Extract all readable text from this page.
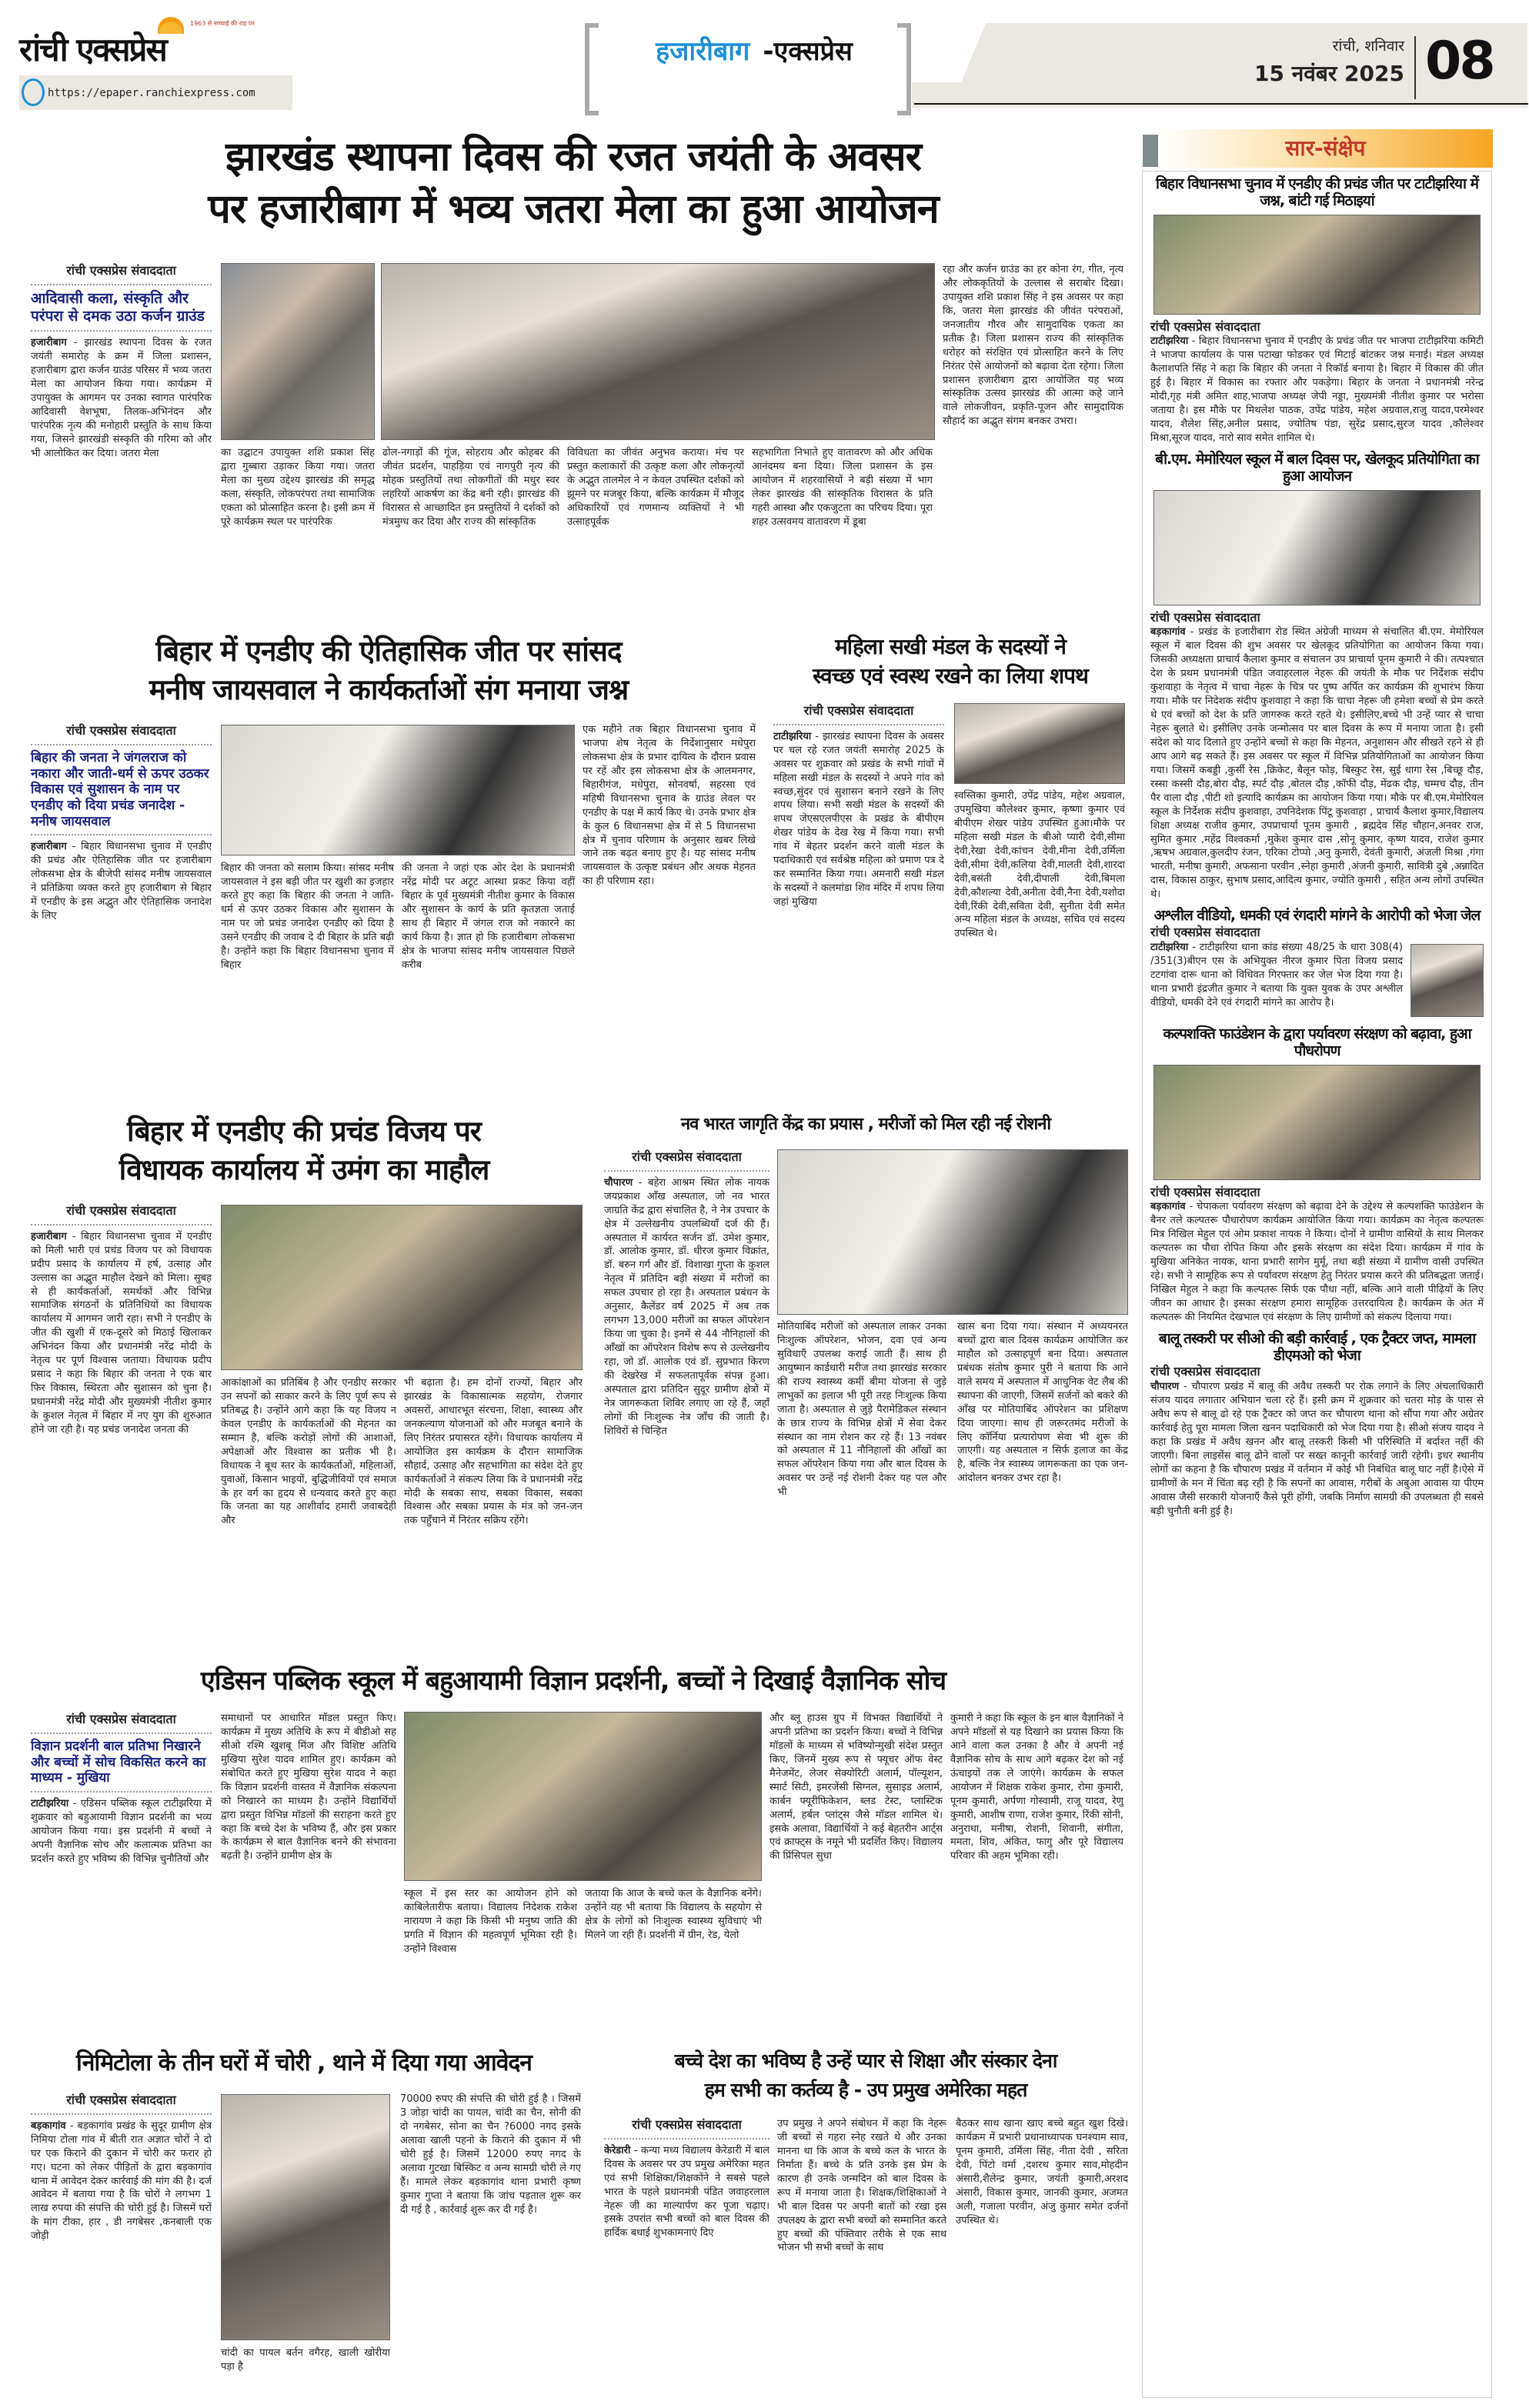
रांची एक्सप्रेस
1963 से सच्चाई की राह पर
https://epaper.ranchiexpress.com
हजारीबाग -एक्सप्रेस	रांची, शनिवार
15 नवंबर 2025 08
झारखंड स्थापना दिवस की रजत जयंती के अवसर
पर हजारीबाग में भव्य जतरा मेला का हुआ आयोजन
रांची एक्सप्रेस संवाददाता
आदिवासी कला, संस्कृति और परंपरा से दमक उठा कर्जन ग्राउंड
हजारीबाग - झारखंड स्थापना दिवस के रजत जयंती समारोह के क्रम में जिला प्रशासन, हजारीबाग द्वारा कर्जन ग्राउंड परिसर में भव्य जतरा मेला का आयोजन किया गया। कार्यक्रम में उपायुक्त के आगमन पर उनका स्वागत पारंपरिक आदिवासी वेशभूषा, तिलक-अभिनंदन और पारंपरिक नृत्य की मनोहारी प्रस्तुति के साथ किया गया, जिसने झारखंडी संस्कृति की गरिमा को और भी आलोकित कर दिया। जतरा मेला	का उद्घाटन उपायुक्त शशि प्रकाश सिंह द्वारा गुब्बारा उड़ाकर किया गया। जतरा मेला का मुख्य उद्देश्य झारखंड की समृद्ध कला, संस्कृति, लोकपरंपरा तथा सामाजिक एकता को प्रोत्साहित करना है। इसी क्रम में पूरे कार्यक्रम स्थल पर पारंपरिक
ढोल-नगाड़ों की गूंज, सोहराय और कोहबर की जीवंत प्रदर्शन, पाहड़िया एवं नागपुरी नृत्य की मोहक प्रस्तुतियों तथा लोकगीतों की मधुर स्वर लहरियों आकर्षण का केंद्र बनी रही। झारखंड की विरासत से आच्छादित इन प्रस्तुतियों ने दर्शकों को मंत्रमुग्ध कर दिया और राज्य की सांस्कृतिक
विविधता का जीवंत अनुभव कराया। मंच पर प्रस्तुत कलाकारों की उत्कृष्ट कला और लोकनृत्यों के अद्भुत तालमेल ने न केवल उपस्थित दर्शकों को झूमने पर मजबूर किया, बल्कि कार्यक्रम में मौजूद अधिकारियों एवं गणमान्य व्यक्तियों ने भी उत्साहपूर्वक
सहभागिता निभाते हुए वातावरण को और अधिक आनंदमय बना दिया। जिला प्रशासन के इस आयोजन में शहरवासियों ने बड़ी संख्या में भाग लेकर झारखंड की सांस्कृतिक विरासत के प्रति गहरी आस्था और एकजुटता का परिचय दिया। पूरा शहर उत्सवमय वातावरण में डूबा
रहा और कर्जन ग्राउंड का हर कोना रंग, गीत, नृत्य और लोककृतियों के उल्लास से सराबोर दिखा। उपायुक्त शशि प्रकाश सिंह ने इस अवसर पर कहा कि, जतरा मेला झारखंड की जीवंत परंपराओं, जनजातीय गौरव और सामुदायिक एकता का प्रतीक है। जिला प्रशासन राज्य की सांस्कृतिक धरोहर को संरक्षित एवं प्रोत्साहित करने के लिए निरंतर ऐसे आयोजनों को बढ़ावा देता रहेगा। जिला प्रशासन हजारीबाग द्वारा आयोजित यह भव्य सांस्कृतिक उत्सव झारखंड की आत्मा कहे जाने वाले लोकजीवन, प्रकृति-पूजन और सामुदायिक सौहार्द का अद्भुत संगम बनकर उभरा।
बिहार में एनडीए की ऐतिहासिक जीत पर सांसद
मनीष जायसवाल ने कार्यकर्ताओं संग मनाया जश्न
रांची एक्सप्रेस संवाददाता
बिहार की जनता ने जंगलराज को नकारा और जाती-धर्म से ऊपर उठकर विकास एवं सुशासन के नाम पर एनडीए को दिया प्रचंड जनादेश - मनीष जायसवाल
हजारीबाग - बिहार विधानसभा चुनाव में एनडीए की प्रचंड और ऐतिहासिक जीत पर हजारीबाग लोकसभा क्षेत्र के बीजेपी सांसद मनीष जायसवाल ने प्रतिक्रिया व्यक्त करते हुए हजारीबाग से बिहार में एनडीए के इस अद्भुत और ऐतिहासिक जनादेश के लिए
बिहार की जनता को सलाम किया। सांसद मनीष जायसवाल ने इस बड़ी जीत पर खुशी का इजहार करते हुए कहा कि बिहार की जनता ने जाति- धर्म से ऊपर उठकर विकास और सुशासन के नाम पर जो प्रचंड जनादेश एनडीए को दिया है उसने एनडीए की जवाब दे दी बिहार के प्रति बढ़ी है। उन्होंने कहा कि बिहार विधानसभा चुनाव में बिहार
की जनता ने जहां एक ओर देश के प्रधानमंत्री नरेंद्र मोदी पर अटूट आस्था प्रकट किया वहीं बिहार के पूर्व मुख्यमंत्री नीतीश कुमार के विकास और सुशासन के कार्य के प्रति कृतज्ञता जताई साथ ही बिहार में जंगल राज को नकारने का कार्य किया है। ज्ञात हो कि हजारीबाग लोकसभा क्षेत्र के भाजपा सांसद मनीष जायसवाल पिछले करीब
एक महीने तक बिहार विधानसभा चुनाव में भाजपा शेष नेतृत्व के निर्देशानुसार मधेपुरा लोकसभा क्षेत्र के प्रभार दायित्व के दौरान प्रवास पर रहें और इस लोकसभा क्षेत्र के आलमनगर, बिहारीगंज, मधेपुरा, सोनवर्षा, सहरसा एवं महिषी विधानसभा चुनाव के ग्राउंड लेवल पर एनडीए के पक्ष में कार्य किए थे। उनके प्रभार क्षेत्र के कुल 6 विधानसभा क्षेत्र में से 5 विधानसभा क्षेत्र में चुनाव परिणाम के अनुसार खबर लिखे जाने तक बढ़त बनाए हुए है। यह सांसद मनीष जायसवाल के उत्कृष्ट प्रबंधन और अथक मेहनत का ही परिणाम रहा।
महिला सखी मंडल के सदस्यों ने
स्वच्छ एवं स्वस्थ रखने का लिया शपथ
रांची एक्सप्रेस संवाददाता
टाटीझरिया - झारखंड स्थापना दिवस के अवसर पर चल रहे रजत जयंती समारोह 2025 के अवसर पर शुक्रवार को प्रखंड के सभी गांवों में महिला सखी मंडल के सदस्यों ने अपने गांव को स्वच्छ,सुंदर एवं सुशासन बनाने रखने के लिए शपथ लिया। सभी सखी मंडल के सदस्यों की शपथ जेएसएलपीएस के प्रखंड के बीपीएम शेखर पांडेय के देख रेख में किया गया। सभी गांव में बेहतर प्रदर्शन करने वाली मंडल के पदाधिकारी एवं सर्वश्रेष्ठ महिला को प्रमाण पत्र दे कर सम्मानित किया गया। अमनारी सखी मंडल के सदस्यों ने कलमांडा शिव मंदिर में शपथ लिया जहां मुखिया
स्वस्तिका कुमारी, उपेंद्र पांडेय, महेश अग्रवाल, उपमुखिया कौलेश्वर कुमार, कृष्णा कुमार एवं बीपीएम शेखर पांडेय उपस्थित हुआ।मौके पर महिला सखी मंडल के बीओ प्यारी देवी,सीमा देवी,रेखा देवी,कांचन देवी,मीना देवी,उर्मिला देवी,सीमा देवी,कलिया देवी,मालती देवी,शारदा देवी,बसंती देवी,दीपाली देवी,बिमला देवी,कौशल्या देवी,अनीता देवी,नैना देवी,यशोदा देवी,रिंकी देवी,सविता देवी, सुनीता देवी समेत अन्य महिला मंडल के अध्यक्ष, सचिव एवं सदस्य उपस्थित थे।
बिहार में एनडीए की प्रचंड विजय पर
विधायक कार्यालय में उमंग का माहौल
रांची एक्सप्रेस संवाददाता
हजारीबाग - बिहार विधानसभा चुनाव में एनडीए को मिली भारी एवं प्रचंड विजय पर को विधायक प्रदीप प्रसाद के कार्यालय में हर्ष, उत्साह और उल्लास का अद्भुत माहौल देखने को मिला। सुबह से ही कार्यकर्ताओं, समर्थकों और विभिन्न सामाजिक संगठनों के प्रतिनिधियों का विधायक कार्यालय में आगमन जारी रहा। सभी ने एनडीए के जीत की खुशी में एक-दूसरे को मिठाई खिलाकर अभिनंदन किया और प्रधानमंत्री नरेंद्र मोदी के नेतृत्व पर पूर्ण विश्वास जताया। विधायक प्रदीप प्रसाद ने कहा कि बिहार की जनता ने एक बार फिर विकास, स्थिरता और सुशासन को चुना है। प्रधानमंत्री नरेंद्र मोदी और मुख्यमंत्री नीतीश कुमार के कुशल नेतृत्व में बिहार में नए युग की शुरुआत होने जा रही है। यह प्रचंड जनादेश जनता की
आकांक्षाओं का प्रतिबिंब है और एनडीए सरकार उन सपनों को साकार करने के लिए पूर्ण रूप से प्रतिबद्ध है। उन्होंने आगे कहा कि यह विजय न केवल एनडीए के कार्यकर्ताओं की मेहनत का सम्मान है, बल्कि करोड़ों लोगों की आशाओं, अपेक्षाओं और विश्वास का प्रतीक भी है। विधायक ने बूथ स्तर के कार्यकर्ताओं, महिलाओं, युवाओं, किसान भाइयों, बुद्धिजीवियों एवं समाज के हर वर्ग का हृदय से धन्यवाद करते हुए कहा कि जनता का यह आशीर्वाद हमारी जवाबदेही और
भी बढ़ाता है। हम दोनों राज्यों, बिहार और झारखंड के विकासात्मक सहयोग, रोजगार अवसरों, आधारभूत संरचना, शिक्षा, स्वास्थ्य और जनकल्याण योजनाओं को और मजबूत बनाने के लिए निरंतर प्रयासरत रहेंगे। विधायक कार्यालय में आयोजित इस कार्यक्रम के दौरान सामाजिक सौहार्द, उत्साह और सहभागिता का संदेश देते हुए कार्यकर्ताओं ने संकल्प लिया कि वे प्रधानमंत्री नरेंद्र मोदी के सबका साथ, सबका विकास, सबका विश्वास और सबका प्रयास के मंत्र को जन-जन तक पहुँचाने में निरंतर सक्रिय रहेंगे।
नव भारत जागृति केंद्र का प्रयास , मरीजों को मिल रही नई रोशनी
रांची एक्सप्रेस संवाददाता
चौपारण - बहेरा आश्रम स्थित लोक नायक जयप्रकाश आँख अस्पताल, जो नव भारत जाग्रति केंद्र द्वारा संचालित है, ने नेत्र उपचार के क्षेत्र में उल्लेखनीय उपलब्धियाँ दर्ज की हैं। अस्पताल में कार्यरत सर्जन डॉ. उमेश कुमार, डॉ. आलोक कुमार, डॉ. धीरज कुमार विक्रांत, डॉ. बरुन गर्ग और डॉ. विशाखा गुप्ता के कुशल नेतृत्व में प्रतिदिन बड़ी संख्या में मरीजों का सफल उपचार हो रहा है। अस्पताल प्रबंधन के अनुसार, कैलेंडर वर्ष 2025 में अब तक लगभग 13,000 मरीजों का सफल ऑपरेशन किया जा चुका है। इनमें से 44 नौनिहालों की आँखों का ऑपरेशन विशेष रूप से उल्लेखनीय रहा, जो डॉ. आलोक एवं डॉ. सुप्रभात किरण की देखरेख में सफलतापूर्वक संपन्न हुआ।अस्पताल द्वारा प्रतिदिन सुदूर ग्रामीण क्षेत्रों में नेत्र जागरूकता शिविर लगाए जा रहे हैं, जहाँ लोगों की निःशुल्क नेत्र जाँच की जाती है। शिविरों से चिन्हित
मोतियाबिंद मरीजों को अस्पताल लाकर उनका निःशुल्क ऑपरेशन, भोजन, दवा एवं अन्य सुविधाएँ उपलब्ध कराई जाती हैं। साथ ही आयुष्मान कार्डधारी मरीज तथा झारखंड सरकार की राज्य स्वास्थ्य कर्मी बीमा योजना से जुड़े लाभुकों का इलाज भी पूरी तरह निःशुल्क किया जाता है। अस्पताल से जुड़े पैरामेडिकल संस्थान के छात्र राज्य के विभिन्न क्षेत्रों में सेवा देकर संस्थान का नाम रोशन कर रहे हैं। 13 नवंबर को अस्पताल में 11 नौनिहालों की आँखों का सफल ऑपरेशन किया गया और बाल दिवस के अवसर पर उन्हें नई रोशनी देकर यह पल और भी
खास बना दिया गया। संस्थान में अध्ययनरत बच्चों द्वारा बाल दिवस कार्यक्रम आयोजित कर माहौल को उत्साहपूर्ण बना दिया। अस्पताल प्रबंधक संतोष कुमार पुरी ने बताया कि आने वाले समय में अस्पताल में आधुनिक वेट लैब की स्थापना की जाएगी, जिसमें सर्जनों को बकरे की आँख पर मोतियाबिंद ऑपरेशन का प्रशिक्षण दिया जाएगा। साथ ही जरूरतमंद मरीजों के लिए कॉर्निया प्रत्यारोपण सेवा भी शुरू की जाएगी। यह अस्पताल न सिर्फ इलाज का केंद्र है, बल्कि नेत्र स्वास्थ्य जागरूकता का एक जन-आंदोलन बनकर उभर रहा है।
एडिसन पब्लिक स्कूल में बहुआयामी विज्ञान प्रदर्शनी, बच्चों ने दिखाई वैज्ञानिक सोच
रांची एक्सप्रेस संवाददाता
विज्ञान प्रदर्शनी बाल प्रतिभा निखारने और बच्चों में सोच विकसित करने का माध्यम - मुखिया
टाटीझरिया - एडिसन पब्लिक स्कूल टाटीझरिया में शुक्रवार को बहुआयामी विज्ञान प्रदर्शनी का भव्य आयोजन किया गया। इस प्रदर्शनी में बच्चों ने अपनी वैज्ञानिक सोच और कलात्मक प्रतिभा का प्रदर्शन करते हुए भविष्य की विभिन्न चुनौतियों और
समाधानों पर आधारित मॉडल प्रस्तुत किए। कार्यक्रम में मुख्य अतिथि के रूप में बीडीओ सह सीओ रश्मि खुशबू मिंज और विशिष्ट अतिथि मुखिया सुरेश यादव शामिल हुए। कार्यक्रम को संबोधित करते हुए मुखिया सुरेश यादव ने कहा कि विज्ञान प्रदर्शनी वास्तव में वैज्ञानिक संकल्पना को निखारने का माध्यम है। उन्होंने विद्यार्थियों द्वारा प्रस्तुत विभिन्न मॉडलों की सराहना करते हुए कहा कि बच्चे देश के भविष्य हैं, और इस प्रकार के कार्यक्रम से बाल वैज्ञानिक बनने की संभावना बढ़ती है। उन्होंने ग्रामीण क्षेत्र के
स्कूल में इस स्तर का आयोजन होने को काबिलेतारीफ बताया। विद्यालय निदेशक राकेश नारायण ने कहा कि किसी भी मनुष्य जाति की प्रगति में विज्ञान की महत्वपूर्ण भूमिका रही है। उन्होंने विश्वास
जताया कि आज के बच्चे कल के वैज्ञानिक बनेंगे। उन्होंने यह भी बताया कि विद्यालय के सहयोग से क्षेत्र के लोगों को निःशुल्क स्वास्थ्य सुविधाएं भी मिलने जा रही हैं। प्रदर्शनी में ग्रीन, रेड, येलो
और ब्लू हाउस ग्रुप में विभक्त विद्यार्थियों ने अपनी प्रतिभा का प्रदर्शन किया। बच्चों ने विभिन्न मॉडलों के माध्यम से भविष्योन्मुखी संदेश प्रस्तुत किए, जिनमें मुख्य रूप से फ्यूचर ऑफ वेस्ट मैनेजमेंट, लेजर सेक्योरिटी अलार्म, पॉल्यूशन, स्मार्ट सिटी, इमरजेंसी सिग्नल, सुसाइड अलार्म, कार्बन फ्यूरीफिकेशन, ब्लड टेस्ट, प्लास्टिक अलार्म, हर्बल प्लांट्स जैसे मॉडल शामिल थे। इसके अलावा, विद्यार्थियों ने कई बेहतरीन आर्ट्स एवं क्राफ्ट्स के नमूने भी प्रदर्शित किए। विद्यालय की प्रिंसिपल सुधा
कुमारी ने कहा कि स्कूल के इन बाल वैज्ञानिकों ने अपने मॉडलों से यह दिखाने का प्रयास किया कि आने वाला कल उनका है और वे अपनी नई वैज्ञानिक सोच के साथ आगे बढ़कर देश को नई ऊंचाइयों तक ले जाएंगे। कार्यक्रम के सफल आयोजन में शिक्षक राकेश कुमार, रोमा कुमारी, पूनम कुमारी, अर्पणा गोस्वामी, राजू यादव, रेणु कुमारी, आशीष राणा, राजेश कुमार, रिंकी सोनी, अनुराधा, मनीषा, रोशनी, शिवानी, संगीता, ममता, शिव, अंकित, फागु और पूरे विद्यालय परिवार की अहम भूमिका रही।
निमिटोला के तीन घरों में चोरी , थाने में दिया गया आवेदन
रांची एक्सप्रेस संवाददाता
बड़कागांव - बड़कागांव प्रखंड के सुदूर ग्रामीण क्षेत्र निमिया टोला गांव में बीती रात अज्ञात चोरों ने दो घर एक किराने की दुकान में चोरी कर फरार हो गए। घटना को लेकर पीड़ितों के द्वारा बड़कागांव थाना में आवेदन देकर कार्रवाई की मांग की है। दर्ज आवेदन में बताया गया है कि चोरों ने लगभग 1 लाख रुपया की संपत्ति की चोरी हुई है। जिसमें घरों के मांग टीका, हार , डी नगबेसर ,कनबाली एक जोड़ी
चांदी का पायल बर्तन वगैरह, खाली खोरीया पड़ा है
70000 रुपए की संपत्ति की चोरी हुई है । जिसमें 3 जोड़ा चांदी का पायल, चांदी का चैन, सोनी की दो नगबेसर, सोना का चैन ?6000 नगद इसके अलावा खाली पहनो के किराने की दुकान में भी चोरी हुई है। जिसमें 12000 रुपए नगद के अलावा गुटखा बिस्किट व अन्य सामग्री चोरी ले गए हैं। मामले लेकर बड़कागांव थाना प्रभारी कृष्ण कुमार गुप्ता ने बताया कि जांच पड़ताल शुरू कर दी गई है , कार्रवाई शुरू कर दी गई है।
बच्चे देश का भविष्य है उन्हें प्यार से शिक्षा और संस्कार देना
हम सभी का कर्तव्य है - उप प्रमुख अमेरिका महत
रांची एक्सप्रेस संवाददाता
केरेडारी - कन्या मध्य विद्यालय केरेडारी में बाल दिवस के अवसर पर उप प्रमुख अमेरिका महत एवं सभी शिक्षिका/शिक्षकोंने ने सबसे पहले भारत के पहले प्रधानमंत्री पंडित जवाहरलाल नेहरू जी का माल्यार्पण कर पूजा चढ़ाए। इसके उपरांत सभी बच्चों को बाल दिवस की हार्दिक बधाई शुभकामनाएं दिए
उप प्रमुख ने अपने संबोधन में कहा कि नेहरू जी बच्चों से गहरा स्नेह रखते थे और उनका मानना था कि आज के बच्चे कल के भारत के निर्माता हैं। बच्चे के प्रति उनके इस प्रेम के कारण ही उनके जन्मदिन को बाल दिवस के रूप में मनाया जाता है। शिक्षक/शिक्षिकाओं ने भी बाल दिवस पर अपनी बातों को रखा इस उपलक्ष्य के द्वारा सभी बच्चों को सम्मानित करते हुए बच्चों की पंक्तिवार तरीके से एक साथ भोजन भी सभी बच्चों के साथ
बैठकर साथ खाना खाए बच्चे बहुत खुश दिखे। कार्यक्रम में प्रभारी प्रधानाध्यापक घनश्याम साव, पूनम कुमारी, उर्मिला सिंह, नीता देवी , सरिता देवी, पिंटो वर्मा ,दशरथ कुमार साव,मोहदीन अंसारी,शैलेन्द्र कुमार, जयंती कुमारी,अरशद अंसारी, विकास कुमार, जानकी कुमार, अजमत अली, गजाला परवीन, अंजु कुमार समेत दर्जनों उपस्थित थे।
सार-संक्षेप
बिहार विधानसभा चुनाव में एनडीए की प्रचंड जीत पर टाटीझरिया में जश्न, बांटी गई मिठाइयां
रांची एक्सप्रेस संवाददाता
टाटीझरिया - बिहार विधानसभा चुनाव में एनडीए के प्रचंड जीत पर भाजपा टाटीझरिया कमिटी ने भाजपा कार्यालय के पास पटाखा फोडकर एवं मिटाई बांटकर जश्न मनाई। मंडल अध्यक्ष कैलाशपति सिंह ने कहा कि बिहार की जनता ने रिकॉर्ड बनाया है। बिहार में विकास की जीत हुई है। बिहार में विकास का रफ्तार और पकड़ेगा। बिहार के जनता ने प्रधानमंत्री नरेन्द्र मोदी,गृह मंत्री अमित शाह,भाजपा अध्यक्ष जेपी नड्डा, मुख्यमंत्री नीतीश कुमार पर भरोसा जताया है। इस मौके पर मिथलेश पाठक, उपेंद्र पांडेय, महेश अग्रवाल,राजु यादव,परमेश्वर यादव, शैलेश सिंह,अनील प्रसाद, ज्योतिष पंडा, सुरेंद्र प्रसाद,सुरज यादव ,कौलेश्वर मिश्रा,सूरज यादव, नारो साव समेत शामिल थे।
बी.एम. मेमोरियल स्कूल में बाल दिवस पर, खेलकूद प्रतियोगिता का हुआ आयोजन
रांची एक्सप्रेस संवाददाता
बड़कागांव - प्रखंड के हजारीबाग रोड स्थित अंग्रेजी माध्यम से संचालित बी.एम. मेमोरियल स्कूल में बाल दिवस की शुभ अवसर पर खेलकूद प्रतियोगिता का आयोजन किया गया। जिसकी अध्यक्षता प्राचार्य कैलाश कुमार व संचालन उप प्राचार्या पूनम कुमारी ने की। तत्पश्चात देश के प्रथम प्रधानमंत्री पंडित जवाहरलाल नेहरू की जयंती के मौक पर निर्देशक संदीप कुशवाहा के नेतृत्व में चाचा नेहरू के चित्र पर पुष्प अर्पित कर कार्यक्रम की शुभारंभ किया गया। मौके पर निदेशक संदीप कुशवाहा ने कहा कि चाचा नेहरू जी हमेशा बच्चों से प्रेम करते थे एवं बच्चों को देश के प्रति जागरुक करते रहते थे। इसीलिए,बच्चे भी उन्हें प्यार से चाचा नेहरू बुलाते थे। इसीलिए उनके जन्मोत्सव पर बाल दिवस के रूप में मनाया जाता है। इसी संदेश को याद दिलाते हुए उन्होंने बच्चों से कहा कि मेहनत, अनुशासन और सीखते रहने से ही आप आगे बढ़ सकते हैं। इस अवसर पर स्कूल में विभिन्न प्रतियोगिताओं का आयोजन किया गया। जिसमें कबड्डी ,कुर्सी रेस ,क्रिकेट, बैलून फोड़, बिस्कुट रेस, सुई धागा रेस ,बिच्छू दौड़, रस्सा कस्सी दौड़,बोरा दौड़, स्पर्ट दौड़ ,बोतल दौड़ ,कॉफी दौड़, मेंढक दौड़, चम्मच दौड़, तीन पैर वाला दौड़ ,पीटी शो इत्यादि कार्यक्रम का आयोजन किया गया। मौके पर बी.एम.मेमोरियल स्कूल के निर्देशक संदीप कुशवाहा, उपनिदेशक पिंटू कुशवाहा , प्राचार्य कैलाश कुमार,विद्यालय शिक्षा अध्यक्ष राजीव कुमार, उपप्राचार्या पूनम कुमारी , ब्रह्मदेव सिंह चौहान,अनवर राज, सुमित कुमार ,महेंद्र विश्वकर्मा ,मुकेश कुमार दास ,सोनू कुमार, कृष्ण यादव, राजेश कुमार ,ऋषभ अग्रवाल,कुलदीप रंजन, एरिका टोप्पो ,अनु कुमारी, देवंती कुमारी, अंजली मिश्रा ,गंगा भारती, मनीषा कुमारी, अफसाना परवीन ,स्नेहा कुमारी ,अंजनी कुमारी, सावित्री दुबे ,अन्नादित दास, विकास ठाकुर, सुभाष प्रसाद,आदित्य कुमार, ज्योति कुमारी , सहित अन्य लोगों उपस्थित थे।
अश्लील वीडियो, धमकी एवं रंगदारी मांगने के आरोपी को भेजा जेल
रांची एक्सप्रेस संवाददाता
टाटीझरिया - टाटीझरिया थाना कांड संख्या 48/25 के धारा 308(4) /351(3)बीएन एस के अभियुक्त नीरज कुमार पिता विजय प्रसाद टटगांवा दारू थाना को विधिवत गिरफ्तार कर जेल भेज दिया गया है। थाना प्रभारी इंद्रजीत कुमार ने बताया कि युक्त युवक के उपर अश्लील वीडियो, धमकी देने एवं रंगदारी मांगने का आरोप है।
कल्पशक्ति फाउंडेशन के द्वारा पर्यावरण संरक्षण को बढ़ावा, हुआ पौधरोपण
रांची एक्सप्रेस संवाददाता
बड़कागांव - चेपाकला पर्यावरण संरक्षण को बढ़ावा देने के उद्देश्य से कल्पशक्ति फाउंडेशन के बैनर तले कल्पतरू पौधारोपण कार्यक्रम आयोजित किया गया। कार्यक्रम का नेतृत्व कल्पतरू मित्र निखिल मेहुल एवं ओम प्रकाश नायक ने किया। दोनों ने ग्रामीण वासियों के साथ मिलकर कल्पतरू का पौधा रोपित किया और इसके संरक्षण का संदेश दिया। कार्यक्रम में गांव के मुखिया अनिकेत नायक, थाना प्रभारी सागेन मुर्मू, तथा बड़ी संख्या में ग्रामीण वासी उपस्थित रहे। सभी ने सामूहिक रूप से पर्यावरण संरक्षण हेतु निरंतर प्रयास करने की प्रतिबद्धता जताई। निखिल मेहुल ने कहा कि कल्पतरू सिर्फ एक पौधा नहीं, बल्कि आने वाली पीढ़ियों के लिए जीवन का आधार है। इसका संरक्षण हमारा सामूहिक उत्तरदायित्व है। कार्यक्रम के अंत में कल्पतरू की नियमित देखभाल एवं संरक्षण के लिए ग्रामीणों को संकल्प दिलाया गया।
बालू तस्करी पर सीओ की बड़ी कार्रवाई , एक ट्रैक्टर जप्त, मामला डीएमओ को भेजा
रांची एक्सप्रेस संवाददाता
चौपारण - चौपारण प्रखंड में बालू की अवैध तस्करी पर रोक लगाने के लिए अंचलाधिकारी संजय यादव लगातार अभियान चला रहे हैं। इसी क्रम में शुक्रवार को चतरा मोड़ के पास से अवैध रूप से बालू ढो रहे एक ट्रैक्टर को जप्त कर चौपारण थाना को सौंपा गया और अग्रेतर कार्रवाई हेतु पूरा मामला जिला खनन पदाधिकारी को भेज दिया गया है। सीओ संजय यादव ने कहा कि प्रखंड में अवैध खनन और बालू तस्करी किसी भी परिस्थिति में बर्दाश्त नहीं की जाएगी। बिना लाइसेंस बालू ढोने वालों पर सख्त कानूनी कार्रवाई जारी रहेगी। इधर स्थानीय लोगों का कहना है कि चौपारण प्रखंड में वर्तमान में कोई भी निबंधित बालू घाट नहीं है।ऐसे में ग्रामीणों के मन में चिंता बढ़ रही है कि सपनों का आवास, गरीबों के अबुआ आवास या पीएम आवास जैसी सरकारी योजनाएँ कैसे पूरी होंगी, जबकि निर्माण सामग्री की उपलब्धता ही सबसे बड़ी चुनौती बनी हुई है।
